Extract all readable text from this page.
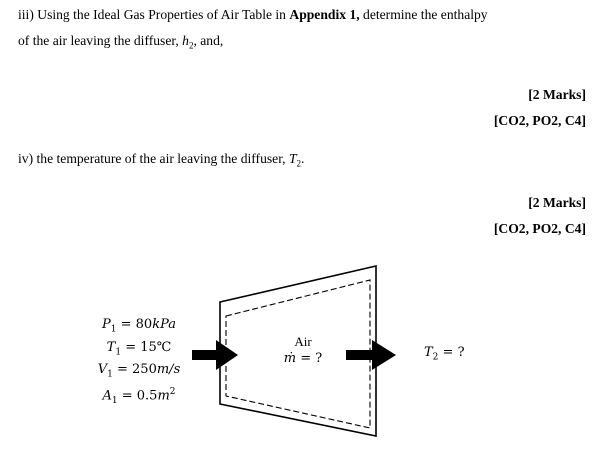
iii) Using the Ideal Gas Properties of Air Table in Appendix 1, determine the enthalpy
of the air leaving the diffuser, $h_2$, and,
[2 Marks]
[CO2, PO2, C4]
iv) the temperature of the air leaving the diffuser, $T_2$.
[2 Marks]
[CO2, PO2, C4]
$P_1 = 80kPa$
$T_1$ = 15℃
$V_1 = 250m/s$
$A_1 = 0.5m^2$
Air
ṁ = ?	$T_2$ = ?
